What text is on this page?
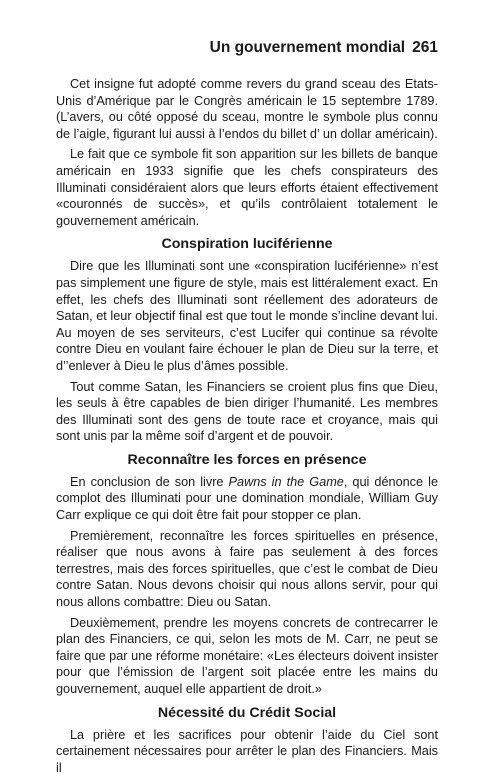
Un gouvernement mondial 261

Cet insigne fut adopté comme revers du grand sceau des Etats-Unis d’Amérique par le Congrès américain le 15 septembre 1789. (L’avers, ou côté opposé du sceau, montre le symbole plus connu de l’aigle, figurant lui aussi à l’endos du billet d’ un dollar américain).

Le fait que ce symbole fit son apparition sur les billets de banque américain en 1933 signifie que les chefs conspirateurs des Illuminati considéraient alors que leurs efforts étaient effectivement «couronnés de succès», et qu’ils contrôlaient totalement le gouvernement américain.

Conspiration luciférienne

Dire que les Illuminati sont une «conspiration luciférienne» n’est pas simplement une figure de style, mais est littéralement exact. En effet, les chefs des Illuminati sont réellement des adorateurs de Satan, et leur objectif final est que tout le monde s’incline devant lui. Au moyen de ses serviteurs, c’est Lucifer qui continue sa révolte contre Dieu en voulant faire échouer le plan de Dieu sur la terre, et d’’enlever à Dieu le plus d’âmes possible.

Tout comme Satan, les Financiers se croient plus fins que Dieu, les seuls à être capables de bien diriger l’humanité. Les membres des Illuminati sont des gens de toute race et croyance, mais qui sont unis par la même soif d’argent et de pouvoir.

Reconnaître les forces en présence

En conclusion de son livre Pawns in the Game, qui dénonce le complot des Illuminati pour une domination mondiale, William Guy Carr explique ce qui doit être fait pour stopper ce plan.

Premièrement, reconnaître les forces spirituelles en présence, réaliser que nous avons à faire pas seulement à des forces terrestres, mais des forces spirituelles, que c’est le combat de Dieu contre Satan. Nous devons choisir qui nous allons servir, pour qui nous allons combattre: Dieu ou Satan.

Deuxièmement, prendre les moyens concrets de contrecarrer le plan des Financiers, ce qui, selon les mots de M. Carr, ne peut se faire que par une réforme monétaire: «Les électeurs doivent insister pour que l’émission de l’argent soit placée entre les mains du gouvernement, auquel elle appartient de droit.»

Nécessité du Crédit Social

La prière et les sacrifices pour obtenir l’aide du Ciel sont certainement nécessaires pour arrêter le plan des Financiers. Mais il
